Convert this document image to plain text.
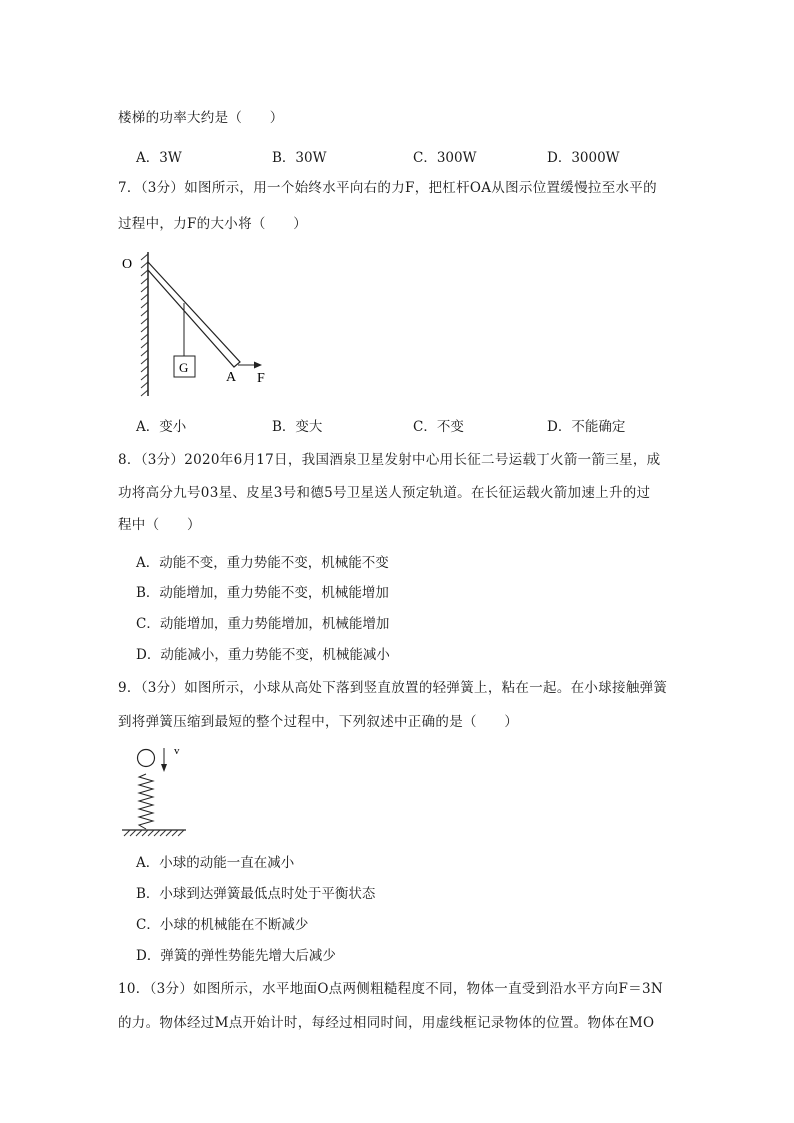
楼梯的功率大约是（　　）
A．3W	B．30W	C．300W	D．3000W
7．（3分）如图所示，用一个始终水平向右的力F，把杠杆OA从图示位置缓慢拉至水平的
过程中，力F的大小将（　　）
G
O
A F
A．变小	B．变大	C．不变	D．不能确定
8．（3分）2020年6月17日，我国酒泉卫星发射中心用长征二号运载丁火箭一箭三星，成
功将高分九号03星、皮星3号和德5号卫星送人预定轨道。在长征运载火箭加速上升的过
程中（　　）
A．动能不变，重力势能不变，机械能不变
B．动能增加，重力势能不变，机械能增加
C．动能增加，重力势能增加，机械能增加
D．动能减小，重力势能不变，机械能减小
9．（3分）如图所示，小球从高处下落到竖直放置的轻弹簧上，粘在一起。在小球接触弹簧
到将弹簧压缩到最短的整个过程中，下列叙述中正确的是（　　）
v
A．小球的动能一直在减小
B．小球到达弹簧最低点时处于平衡状态
C．小球的机械能在不断减少
D．弹簧的弹性势能先增大后减少
10．（3分）如图所示，水平地面O点两侧粗糙程度不同，物体一直受到沿水平方向F＝3N
的力。物体经过M点开始计时，每经过相同时间，用虚线框记录物体的位置。物体在MO
